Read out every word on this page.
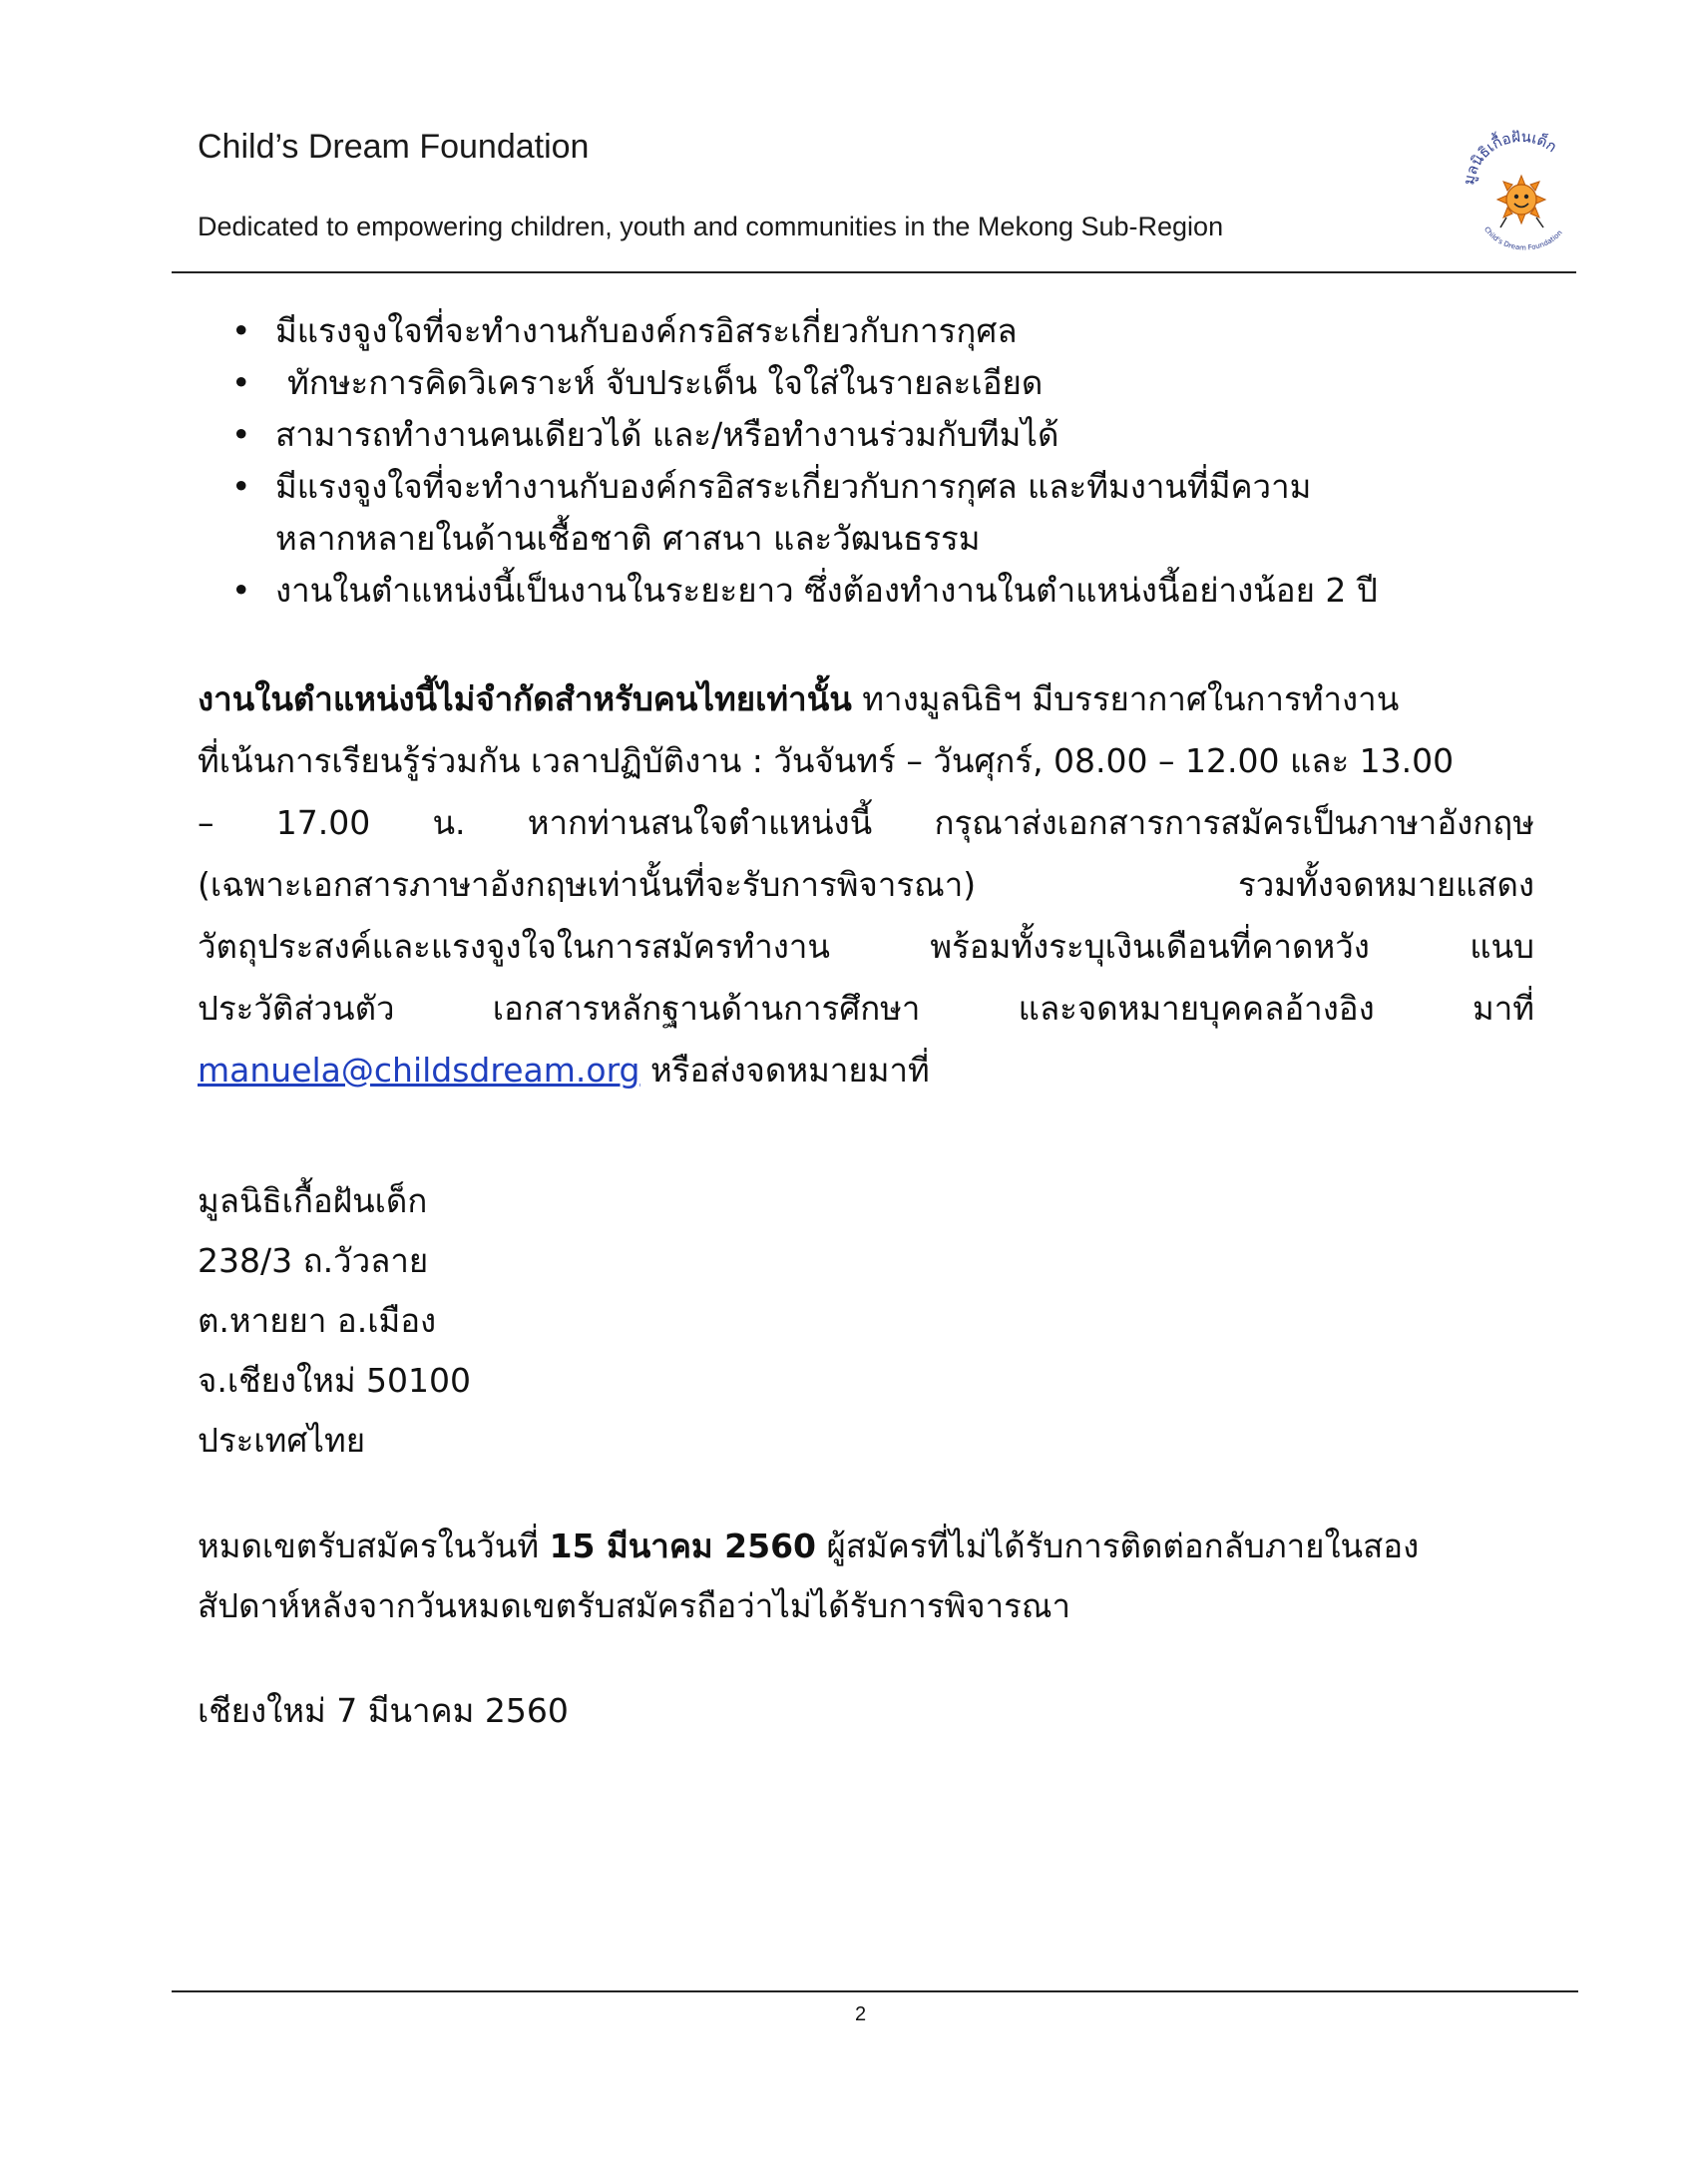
Child’s Dream Foundation
Dedicated to empowering children, youth and communities in the Mekong Sub-Region
มูลนิธิเกื้อฝันเด็ก
Child's Dream Foundation
• มีแรงจูงใจที่จะทำงานกับองค์กรอิสระเกี่ยวกับการกุศล
• ทักษะการคิดวิเคราะห์ จับประเด็น ใจใส่ในรายละเอียด
• สามารถทำงานคนเดียวได้ และ/หรือทำงานร่วมกับทีมได้
• มีแรงจูงใจที่จะทำงานกับองค์กรอิสระเกี่ยวกับการกุศล และทีมงานที่มีความ
หลากหลายในด้านเชื้อชาติ ศาสนา และวัฒนธรรม
• งานในตำแหน่งนี้เป็นงานในระยะยาว ซึ่งต้องทำงานในตำแหน่งนี้อย่างน้อย 2 ปี
งานในตำแหน่งนี้ไม่จำกัดสำหรับคนไทยเท่านั้น ทางมูลนิธิฯ มีบรรยากาศในการทำงาน
ที่เน้นการเรียนรู้ร่วมกัน เวลาปฏิบัติงาน : วันจันทร์ – วันศุกร์, 08.00 – 12.00 และ 13.00
– 17.00 น. หากท่านสนใจตำแหน่งนี้ กรุณาส่งเอกสารการสมัครเป็นภาษาอังกฤษ
(เฉพาะเอกสารภาษาอังกฤษเท่านั้นที่จะรับการพิจารณา) รวมทั้งจดหมายแสดง
วัตถุประสงค์และแรงจูงใจในการสมัครทำงาน พร้อมทั้งระบุเงินเดือนที่คาดหวัง แนบ
ประวัติส่วนตัว เอกสารหลักฐานด้านการศึกษา และจดหมายบุคคลอ้างอิง มาที่
manuela@childsdream.org หรือส่งจดหมายมาที่
มูลนิธิเกื้อฝันเด็ก
238/3 ถ.วัวลาย
ต.หายยา อ.เมือง
จ.เชียงใหม่ 50100
ประเทศไทย
หมดเขตรับสมัครในวันที่ 15 มีนาคม 2560 ผู้สมัครที่ไม่ได้รับการติดต่อกลับภายในสอง
สัปดาห์หลังจากวันหมดเขตรับสมัครถือว่าไม่ได้รับการพิจารณา
เชียงใหม่ 7 มีนาคม 2560
2
